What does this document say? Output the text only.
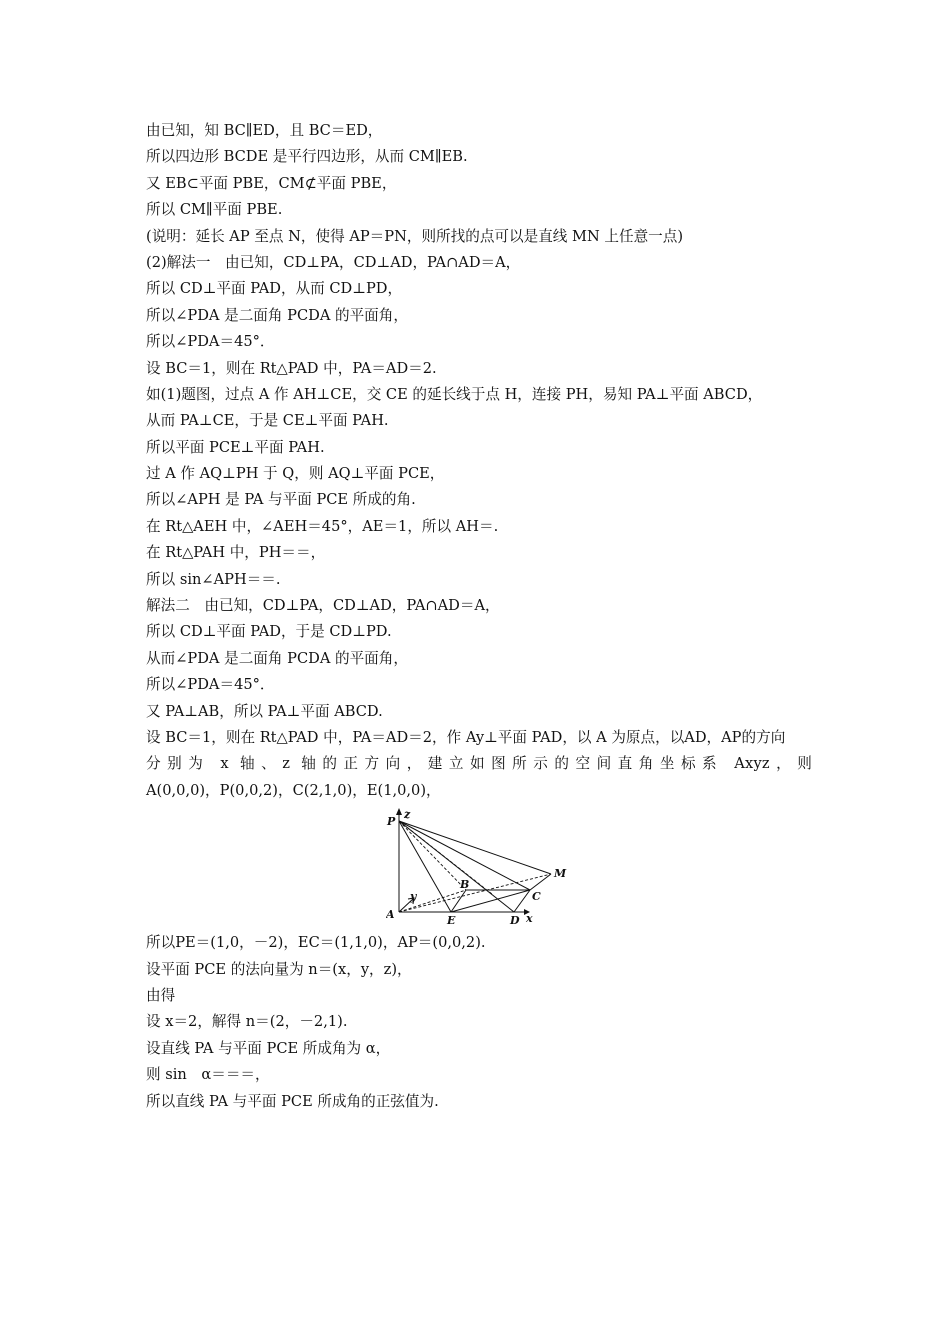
由已知，知 BC∥ED，且 BC＝ED，
所以四边形 BCDE 是平行四边形，从而 CM∥EB.
又 EB⊂平面 PBE，CM⊄平面 PBE，
所以 CM∥平面 PBE.
(说明：延长 AP 至点 N，使得 AP＝PN，则所找的点可以是直线 MN 上任意一点)
(2)解法一　由已知，CD⊥PA，CD⊥AD，PA∩AD＝A，
所以 CD⊥平面 PAD，从而 CD⊥PD，
所以∠PDA 是二面角 PCDA 的平面角，
所以∠PDA＝45°．
设 BC＝1，则在 Rt△PAD 中，PA＝AD＝2.
如(1)题图，过点 A 作 AH⊥CE，交 CE 的延长线于点 H，连接 PH，易知 PA⊥平面 ABCD，
从而 PA⊥CE，于是 CE⊥平面 PAH.
所以平面 PCE⊥平面 PAH.
过 A 作 AQ⊥PH 于 Q，则 AQ⊥平面 PCE，
所以∠APH 是 PA 与平面 PCE 所成的角.
在 Rt△AEH 中，∠AEH＝45°，AE＝1，所以 AH＝.
在 Rt△PAH 中，PH＝＝，
所以 sin∠APH＝＝.
解法二　由已知，CD⊥PA，CD⊥AD，PA∩AD＝A，
所以 CD⊥平面 PAD，于是 CD⊥PD.
从而∠PDA 是二面角 PCDA 的平面角，
所以∠PDA＝45°．
又 PA⊥AB，所以 PA⊥平面 ABCD.
设 BC＝1，则在 Rt△PAD 中，PA＝AD＝2，作 Ay⊥平面 PAD，以 A 为原点，以AD，AP的方向
分别为 x 轴、z 轴的正方向，建立如图所示的空间直角坐标系 Axyz，则
A(0,0,0)，P(0,0,2)，C(2,1,0)，E(1,0,0)，
P
z
M
B
C
y
A	E	D x
所以PE＝(1,0，－2)，EC＝(1,1,0)，AP＝(0,0,2).
设平面 PCE 的法向量为 n＝(x，y，z)，
由得
设 x＝2，解得 n＝(2，－2,1).
设直线 PA 与平面 PCE 所成角为 α，
则 sin　α＝＝＝，
所以直线 PA 与平面 PCE 所成角的正弦值为.
